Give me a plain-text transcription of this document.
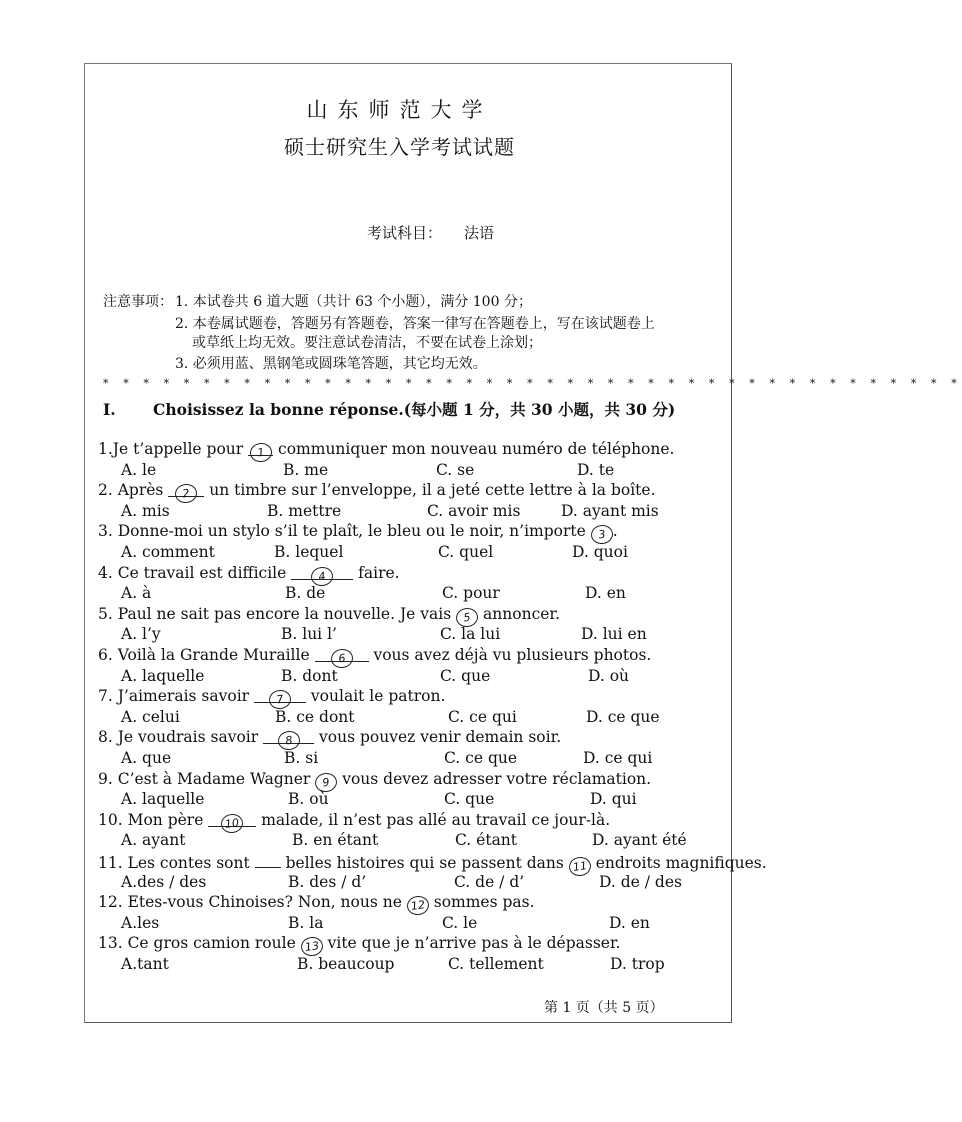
山东师范大学
硕士研究生入学考试试题
考试科目： 法语
注意事项： 1. 本试卷共 6 道大题（共计 63 个小题），满分 100 分；
2. 本卷属试题卷，答题另有答题卷，答案一律写在答题卷上，写在该试题卷上
或草纸上均无效。要注意试卷清洁，不要在试卷上涂划；
3. 必须用蓝、黑钢笔或圆珠笔答题，其它均无效。
* * * * * * * * * * * * * * * * * * * * * * * * * * * * * * * * * * * * * * * * * * *
I. Choisissez la bonne réponse.(每小题 1 分，共 30 小题，共 30 分)
1.Je t’appelle pour 1 communiquer mon nouveau numéro de téléphone.
A. le	B. me	C. se	D. te
2. Après 2 un timbre sur l’enveloppe, il a jeté cette lettre à la boîte.
A. mis	B. mettre	C. avoir mis	D. ayant mis
3. Donne-moi un stylo s’il te plaît, le bleu ou le noir, n’importe 3 .
A. comment	B. lequel	C. quel	D. quoi
4. Ce travail est difficile 4 faire.
A. à	B. de	C. pour	D. en
5. Paul ne sait pas encore la nouvelle. Je vais 5 annoncer.
A. l’y	B. lui l’	C. la lui	D. lui en
6. Voilà la Grande Muraille 6 vous avez déjà vu plusieurs photos.
A. laquelle	B. dont	C. que	D. où
7. J’aimerais savoir 7 voulait le patron.
A. celui	B. ce dont	C. ce qui	D. ce que
8. Je voudrais savoir 8 vous pouvez venir demain soir.
A. que	B. si	C. ce que	D. ce qui
9. C’est à Madame Wagner 9 vous devez adresser votre réclamation.
A. laquelle	B. où	C. que	D. qui
10. Mon père 10 malade, il n’est pas allé au travail ce jour-là.
A. ayant	B. en étant	C. étant	D. ayant été
11. Les contes sont  belles histoires qui se passent dans 11 endroits magnifiques.
A.des / des	B. des / d’	C. de / d’	D. de / des
12. Etes-vous Chinoises? Non, nous ne 12 sommes pas.
A.les	B. la	C. le	D. en
13. Ce gros camion roule 13 vite que je n’arrive pas à le dépasser.
A.tant	B. beaucoup	C. tellement	D. trop
第 1 页（共 5 页）
